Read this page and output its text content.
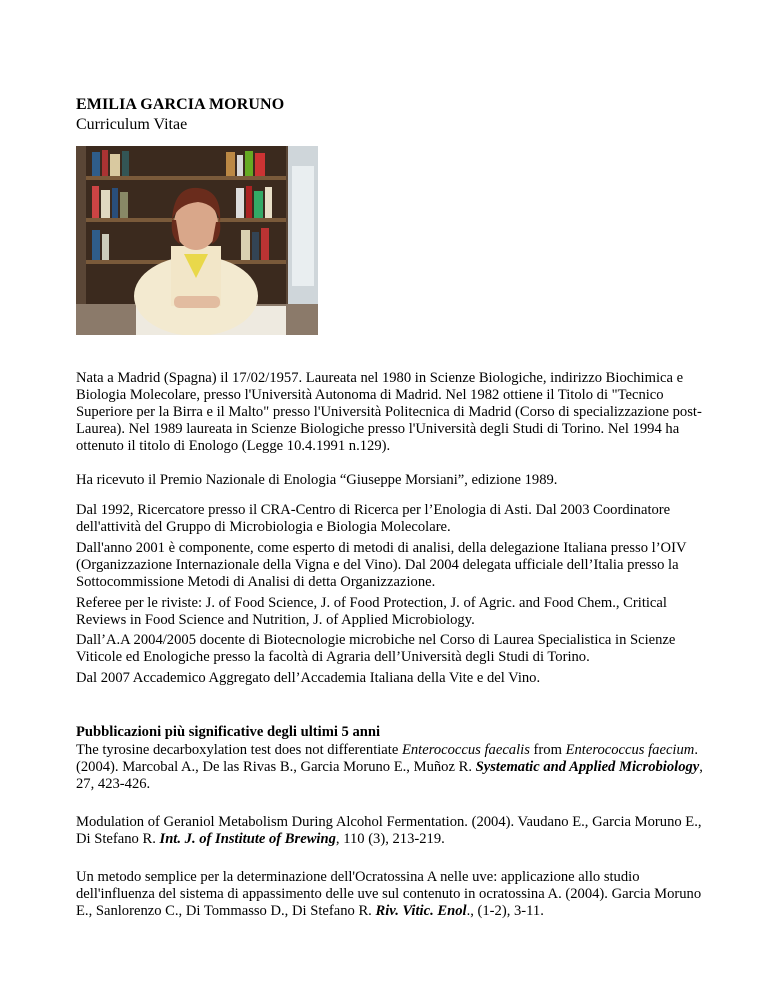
EMILIA GARCIA MORUNO
Curriculum Vitae

Nata a Madrid (Spagna) il 17/02/1957. Laureata nel 1980 in Scienze Biologiche, indirizzo Biochimica e Biologia Molecolare, presso l'Università Autonoma di Madrid. Nel 1982 ottiene il Titolo di "Tecnico Superiore per la Birra e il Malto" presso l'Università Politecnica di Madrid (Corso di specializzazione post-Laurea). Nel 1989 laureata in Scienze Biologiche presso l'Università degli Studi di Torino. Nel 1994 ha ottenuto il titolo di Enologo (Legge 10.4.1991 n.129).

Ha ricevuto il Premio Nazionale di Enologia “Giuseppe Morsiani”, edizione 1989.

Dal 1992, Ricercatore presso il CRA-Centro di Ricerca per l’Enologia di Asti. Dal 2003 Coordinatore dell'attività del Gruppo di Microbiologia e Biologia Molecolare.

Dall'anno 2001 è componente, come esperto di metodi di analisi, della delegazione Italiana presso l’OIV (Organizzazione Internazionale della Vigna e del Vino). Dal 2004 delegata ufficiale dell’Italia presso la Sottocommissione Metodi di Analisi di detta Organizzazione.

Referee per le riviste: J. of Food Science, J. of Food Protection, J. of Agric. and Food Chem., Critical Reviews in Food Science and Nutrition, J. of Applied Microbiology.

Dall’A.A 2004/2005 docente di Biotecnologie microbiche nel Corso di Laurea Specialistica in Scienze Viticole ed Enologiche presso la facoltà di Agraria dell’Università degli Studi di Torino.

Dal 2007 Accademico Aggregato dell’Accademia Italiana della Vite e del Vino.

Pubblicazioni più significative degli ultimi 5 anni

The tyrosine decarboxylation test does not differentiate Enterococcus faecalis from Enterococcus faecium. (2004). Marcobal A., De las Rivas B., Garcia Moruno E., Muñoz R. Systematic and Applied Microbiology, 27, 423-426.

Modulation of Geraniol Metabolism During Alcohol Fermentation. (2004). Vaudano E., Garcia Moruno E., Di Stefano R. Int. J. of Institute of Brewing, 110 (3), 213-219.

Un metodo semplice per la determinazione dell'Ocratossina A nelle uve: applicazione allo studio dell'influenza del sistema di appassimento delle uve sul contenuto in ocratossina A. (2004). Garcia Moruno E., Sanlorenzo C., Di Tommasso D., Di Stefano R. Riv. Vitic. Enol., (1-2), 3-11.
